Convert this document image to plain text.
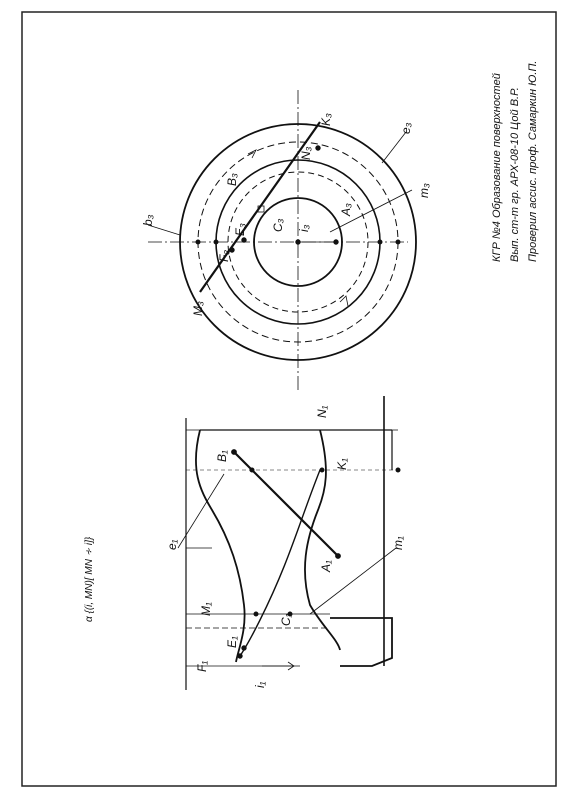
КГР №4 Образование поверхностей Вып. ст-т гр. АРХ-08-10 Цой В.Р. Проверил ассис. проф. Самаркин Ю.П.
K₃
N₃
e₃
B₃
b₃
E₃
F₃
C₃ i₃
A₃
m₃
M₃
N₁
B₁
K₁
e₁
A₁
m₁
M₁
C₁
E₁
F₁
i₁
α {(i, MN)[ MN ∻ i]}
